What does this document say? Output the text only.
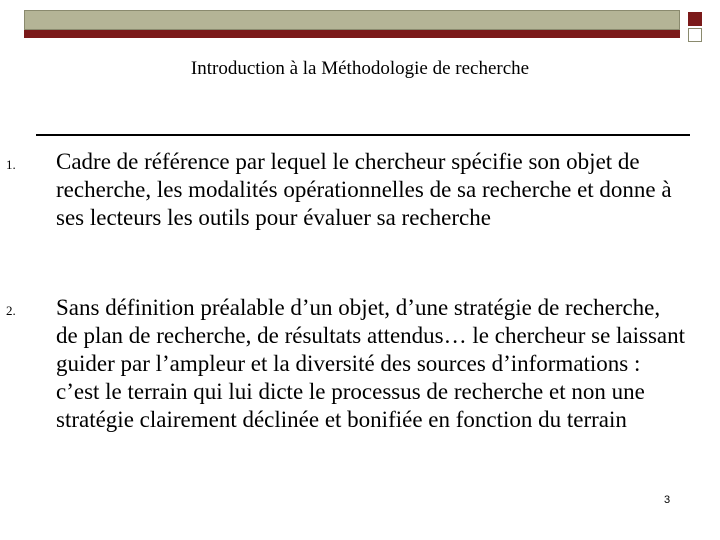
Introduction à la Méthodologie de recherche
1. Cadre de référence par lequel le chercheur spécifie son objet de recherche, les modalités opérationnelles de sa recherche et donne à ses lecteurs les outils pour évaluer sa recherche
2. Sans définition préalable d’un objet, d’une stratégie de recherche, de plan de recherche, de résultats attendus… le chercheur se laissant guider par l’ampleur et la diversité des sources d’informations : c’est le terrain qui lui dicte le processus de recherche et non une stratégie clairement déclinée et bonifiée en fonction du terrain
3
